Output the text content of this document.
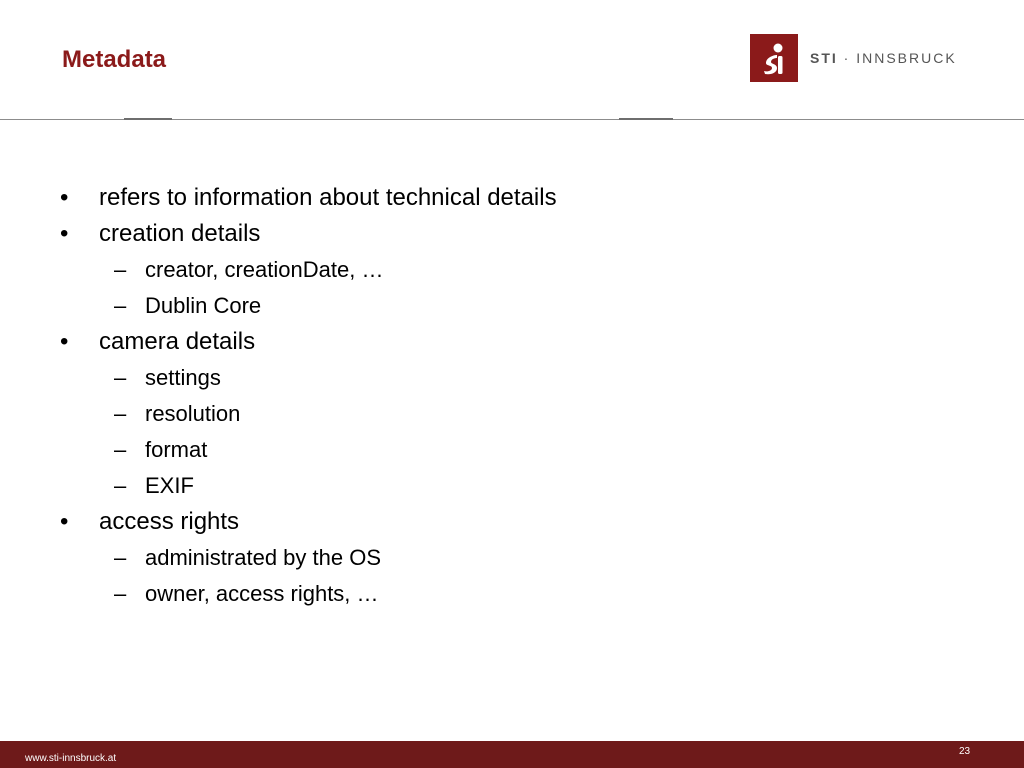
Metadata	STI · INNSBRUCK
• refers to information about technical details
• creation details
– creator, creationDate, …
– Dublin Core
• camera details
– settings
– resolution
– format
– EXIF
• access rights
– administrated by the OS
– owner, access rights, …
www.sti-innsbruck.at
23
